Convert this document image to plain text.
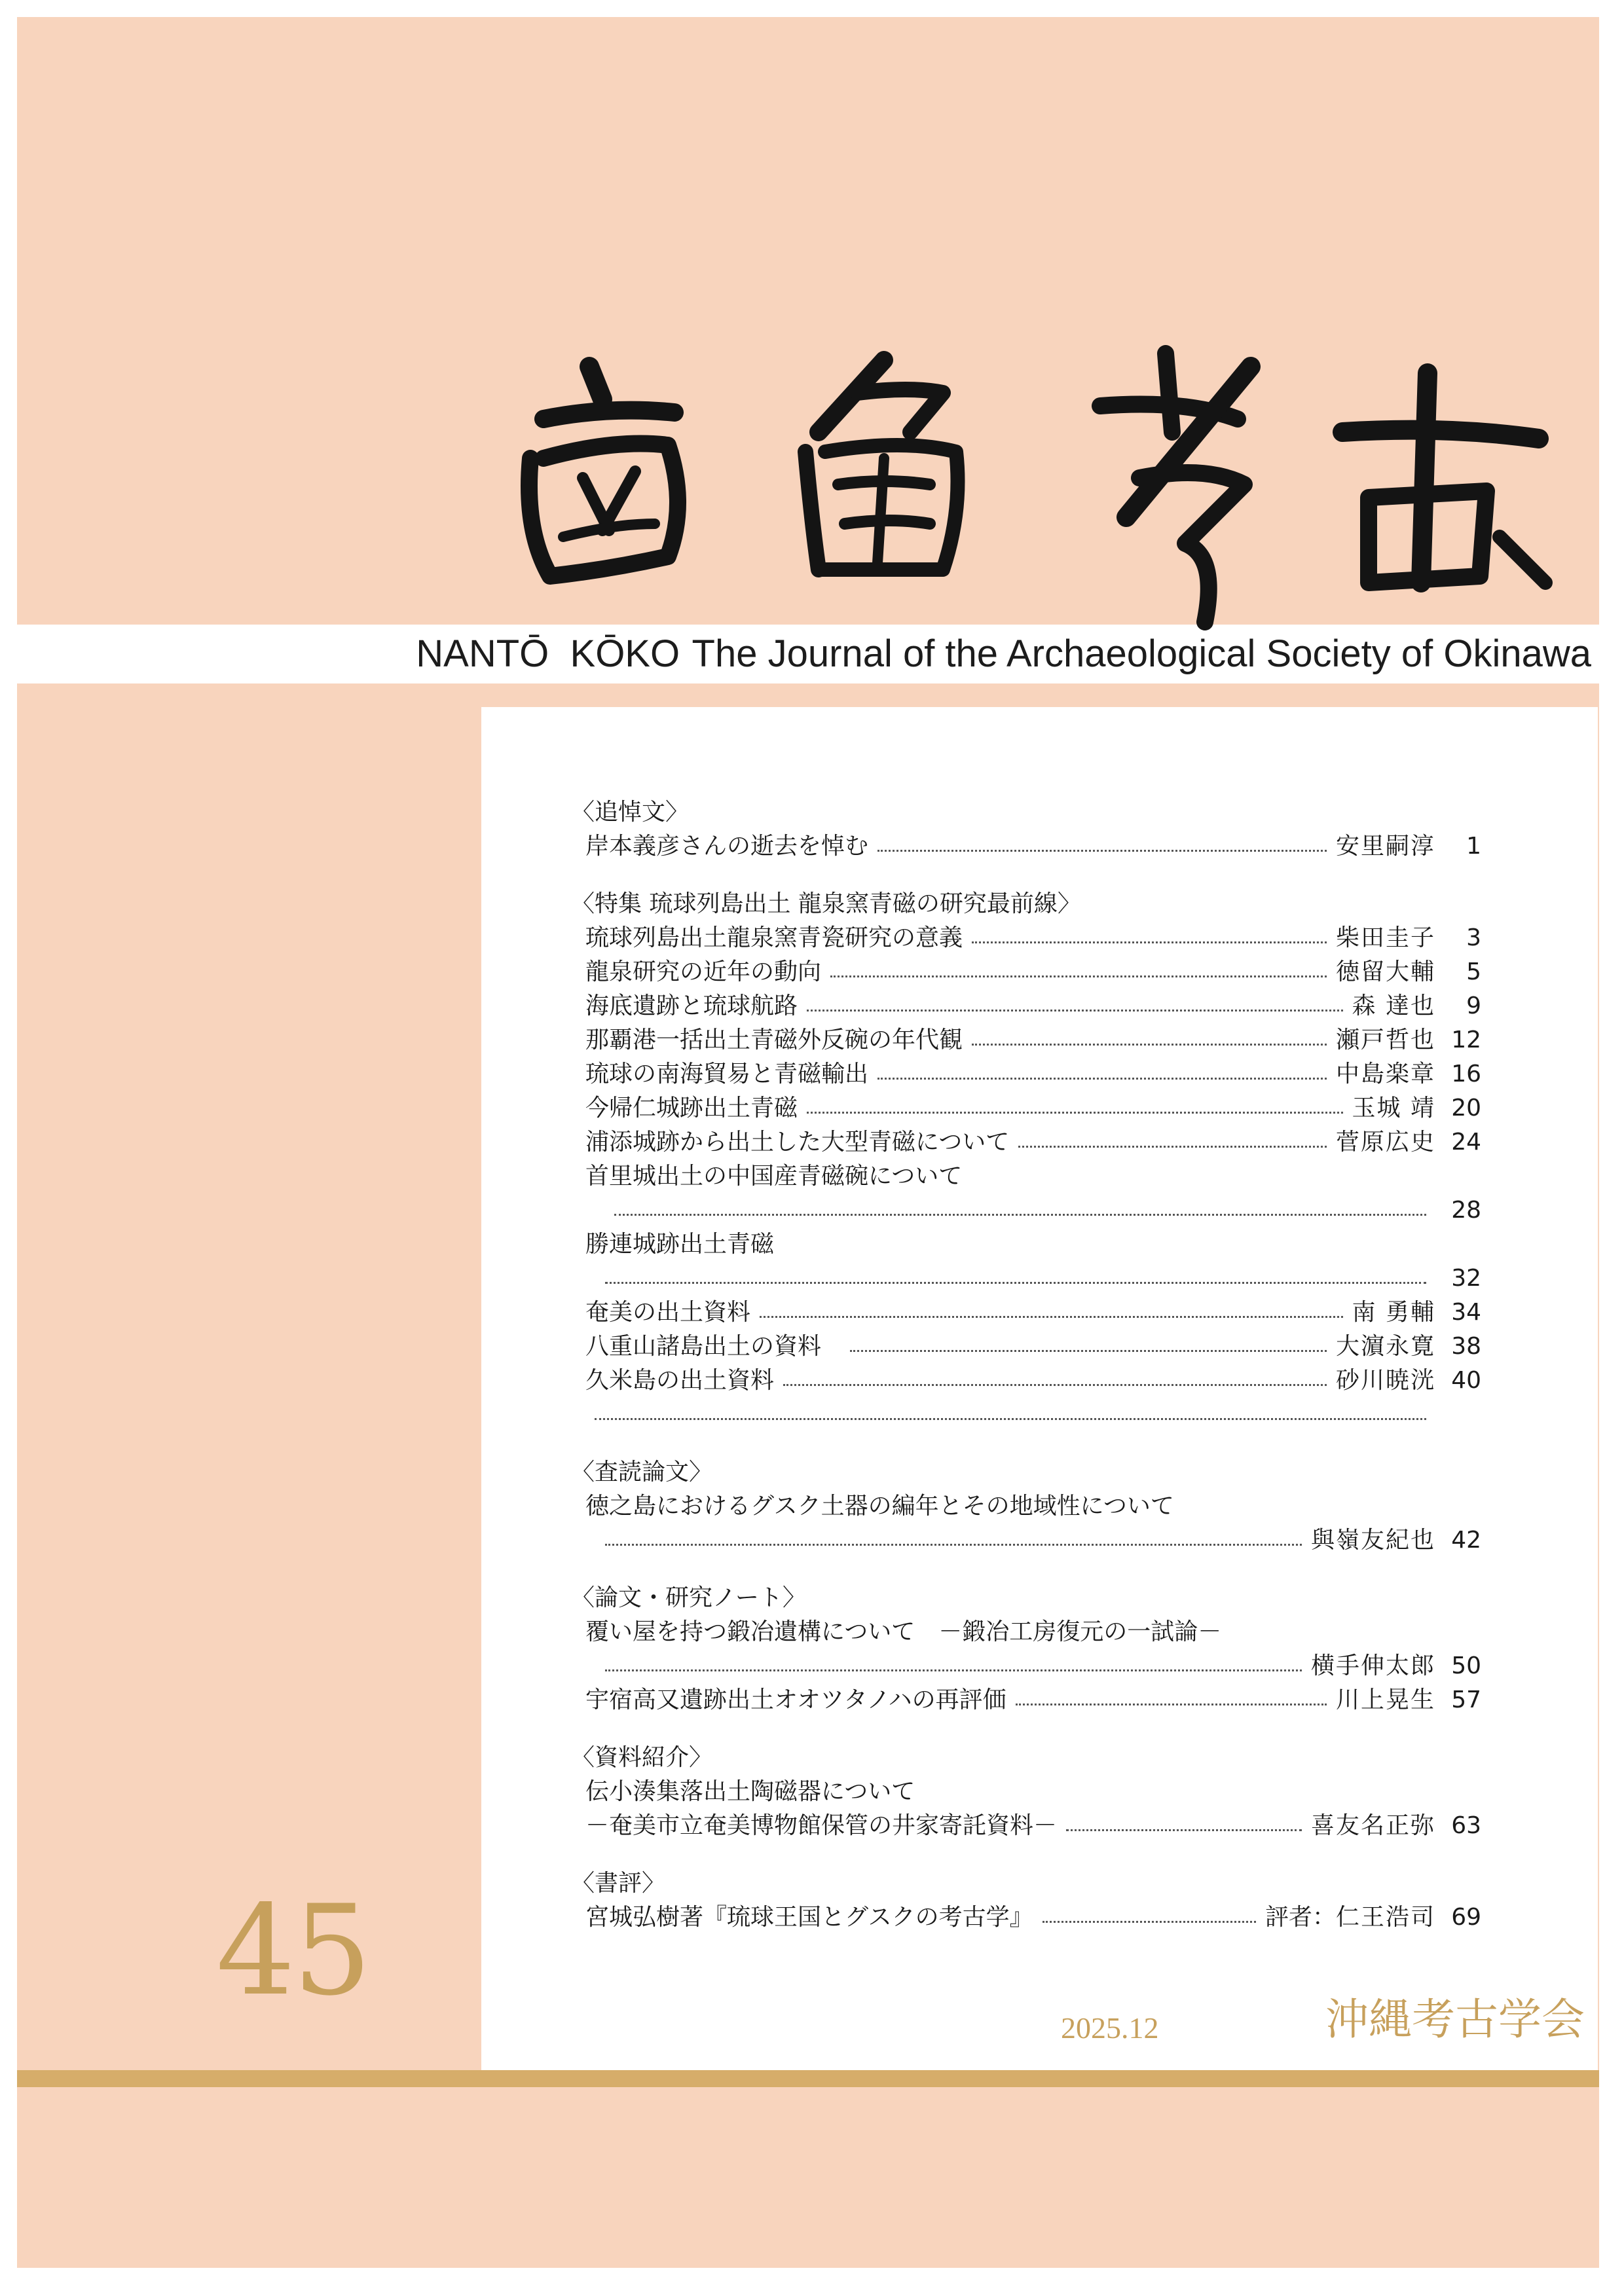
NANTŌ  KŌKO The Journal of the Archaeological Society of Okinawa
〈追悼文〉
岸本義彦さんの逝去を悼む	安里嗣淳	1
〈特集 琉球列島出土 龍泉窯青磁の研究最前線〉
琉球列島出土龍泉窯青瓷研究の意義	柴田圭子	3
龍泉研究の近年の動向	徳留大輔	5
海底遺跡と琉球航路	森 達也	9
那覇港一括出土青磁外反碗の年代観	瀬戸哲也 12
琉球の南海貿易と青磁輸出	中島楽章 16
今帰仁城跡出土青磁	玉城 靖 20
浦添城跡から出土した大型青磁について	菅原広史 24
首里城出土の中国産青磁碗について
28
勝連城跡出土青磁
32
奄美の出土資料	南 勇輔 34
八重山諸島出土の資料	大濵永寛 38
久米島の出土資料	砂川暁洸 40
〈査読論文〉
徳之島におけるグスク土器の編年とその地域性について
與嶺友紀也 42
〈論文・研究ノート〉
覆い屋を持つ鍛冶遺構について　－鍛冶工房復元の一試論－
横手伸太郎 50
宇宿高又遺跡出土オオツタノハの再評価	川上晃生 57
〈資料紹介〉
伝小湊集落出土陶磁器について
－奄美市立奄美博物館保管の井家寄託資料－	喜友名正弥 63
〈書評〉
宮城弘樹著『琉球王国とグスクの考古学』	評者： 仁王浩司 69
45
2025.12	沖縄考古学会
